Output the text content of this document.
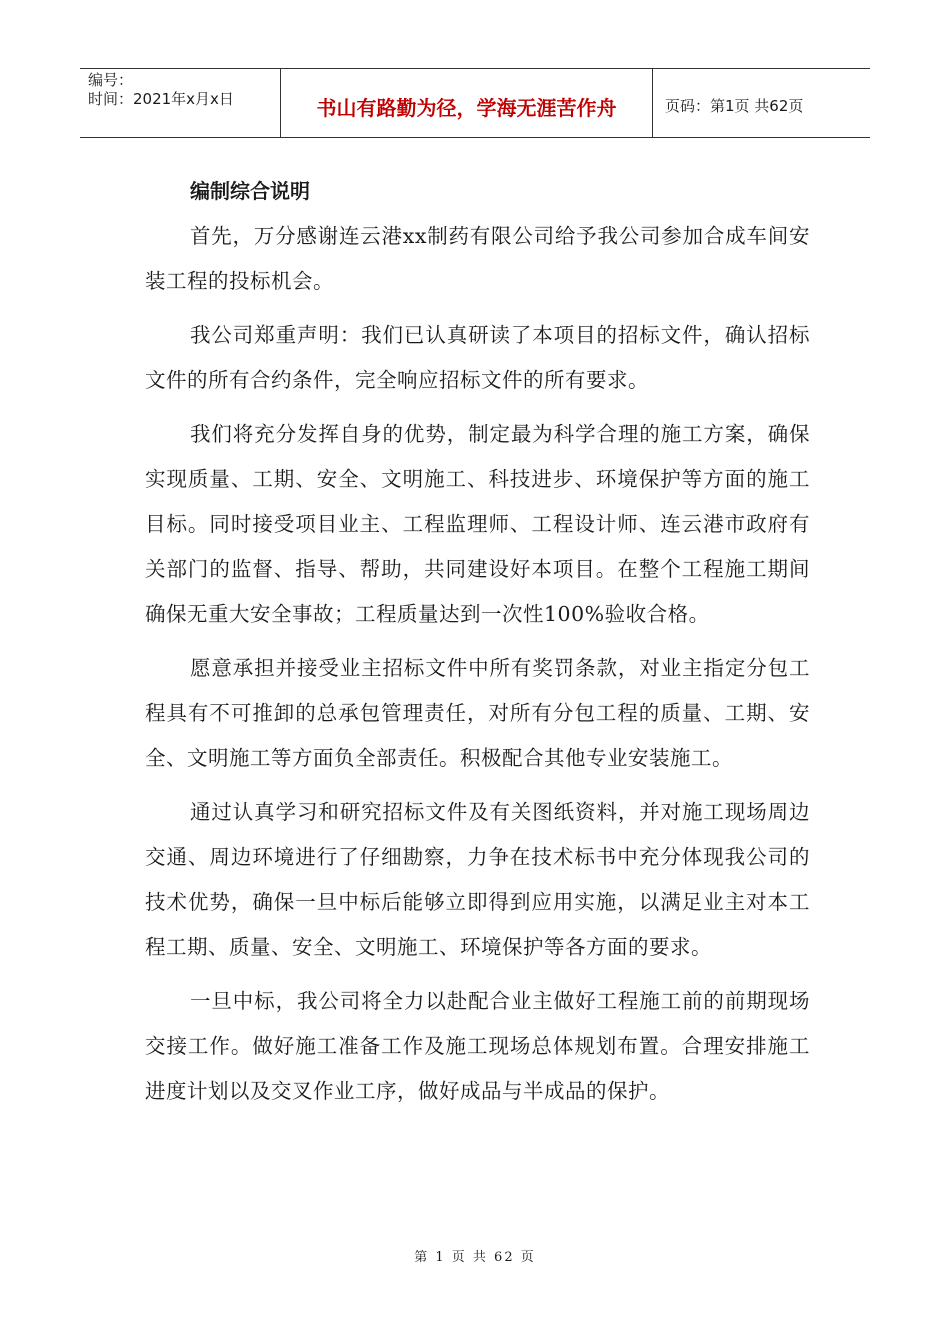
编号：
时间：2021年x月x日	书山有路勤为径，学海无涯苦作舟	页码：第1页 共62页
编制综合说明

首先，万分感谢连云港xx制药有限公司给予我公司参加合成车间安装工程的投标机会。

我公司郑重声明：我们已认真研读了本项目的招标文件，确认招标文件的所有合约条件，完全响应招标文件的所有要求。

我们将充分发挥自身的优势，制定最为科学合理的施工方案，确保实现质量、工期、安全、文明施工、科技进步、环境保护等方面的施工目标。同时接受项目业主、工程监理师、工程设计师、连云港市政府有关部门的监督、指导、帮助，共同建设好本项目。在整个工程施工期间确保无重大安全事故；工程质量达到一次性100%验收合格。

愿意承担并接受业主招标文件中所有奖罚条款，对业主指定分包工程具有不可推卸的总承包管理责任，对所有分包工程的质量、工期、安全、文明施工等方面负全部责任。积极配合其他专业安装施工。

通过认真学习和研究招标文件及有关图纸资料，并对施工现场周边交通、周边环境进行了仔细勘察，力争在技术标书中充分体现我公司的技术优势，确保一旦中标后能够立即得到应用实施，以满足业主对本工程工期、质量、安全、文明施工、环境保护等各方面的要求。

一旦中标，我公司将全力以赴配合业主做好工程施工前的前期现场交接工作。做好施工准备工作及施工现场总体规划布置。合理安排施工进度计划以及交叉作业工序，做好成品与半成品的保护。

第 1 页 共 62 页
